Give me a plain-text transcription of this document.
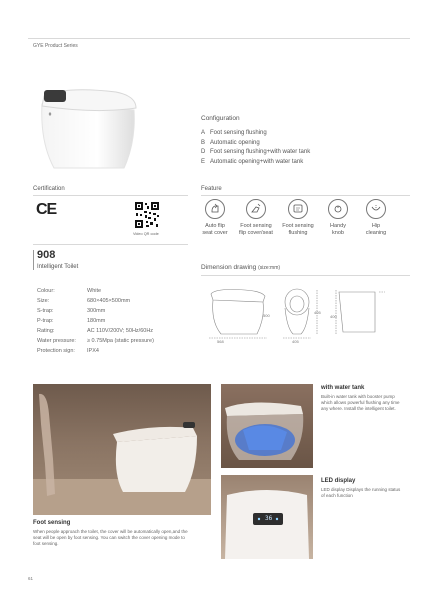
GYE Product Series
Configuration
A Foot sensing flushing
B Automatic opening
D Foot sensing flushing+with water tank
E Automatic opening+with water tank
Certification
CE
Video QR code
Feature
Auto flip
seat cover
Foot sensing
flip cover/seat
Foot sensing
flushing
Handy
knob
Hip
cleaning
908
Intelligent Toilet
Colour:	White
Size:	680×405×500mm
S-trap:	300mm
P-trap:	180mm
Rating:	AC 110V/200V; 50Hz/60Hz
Water pressure:	≥ 0.75Mpa (static pressure)
Protection sign:	IPX4
Dimension drawing (size:mm)
500
568	405
405
400
with water tank
Built-in water tank with booster pump which allows powerful flushing any time any where. Install the intelligent toilet.
36
LED display
LED display Displays the running status of each function
Foot sensing
When people approach the toilet, the cover will be automatically open,and the seat will be open by foot sensing. You can switch the cover opening mode to foot sensing.
61
